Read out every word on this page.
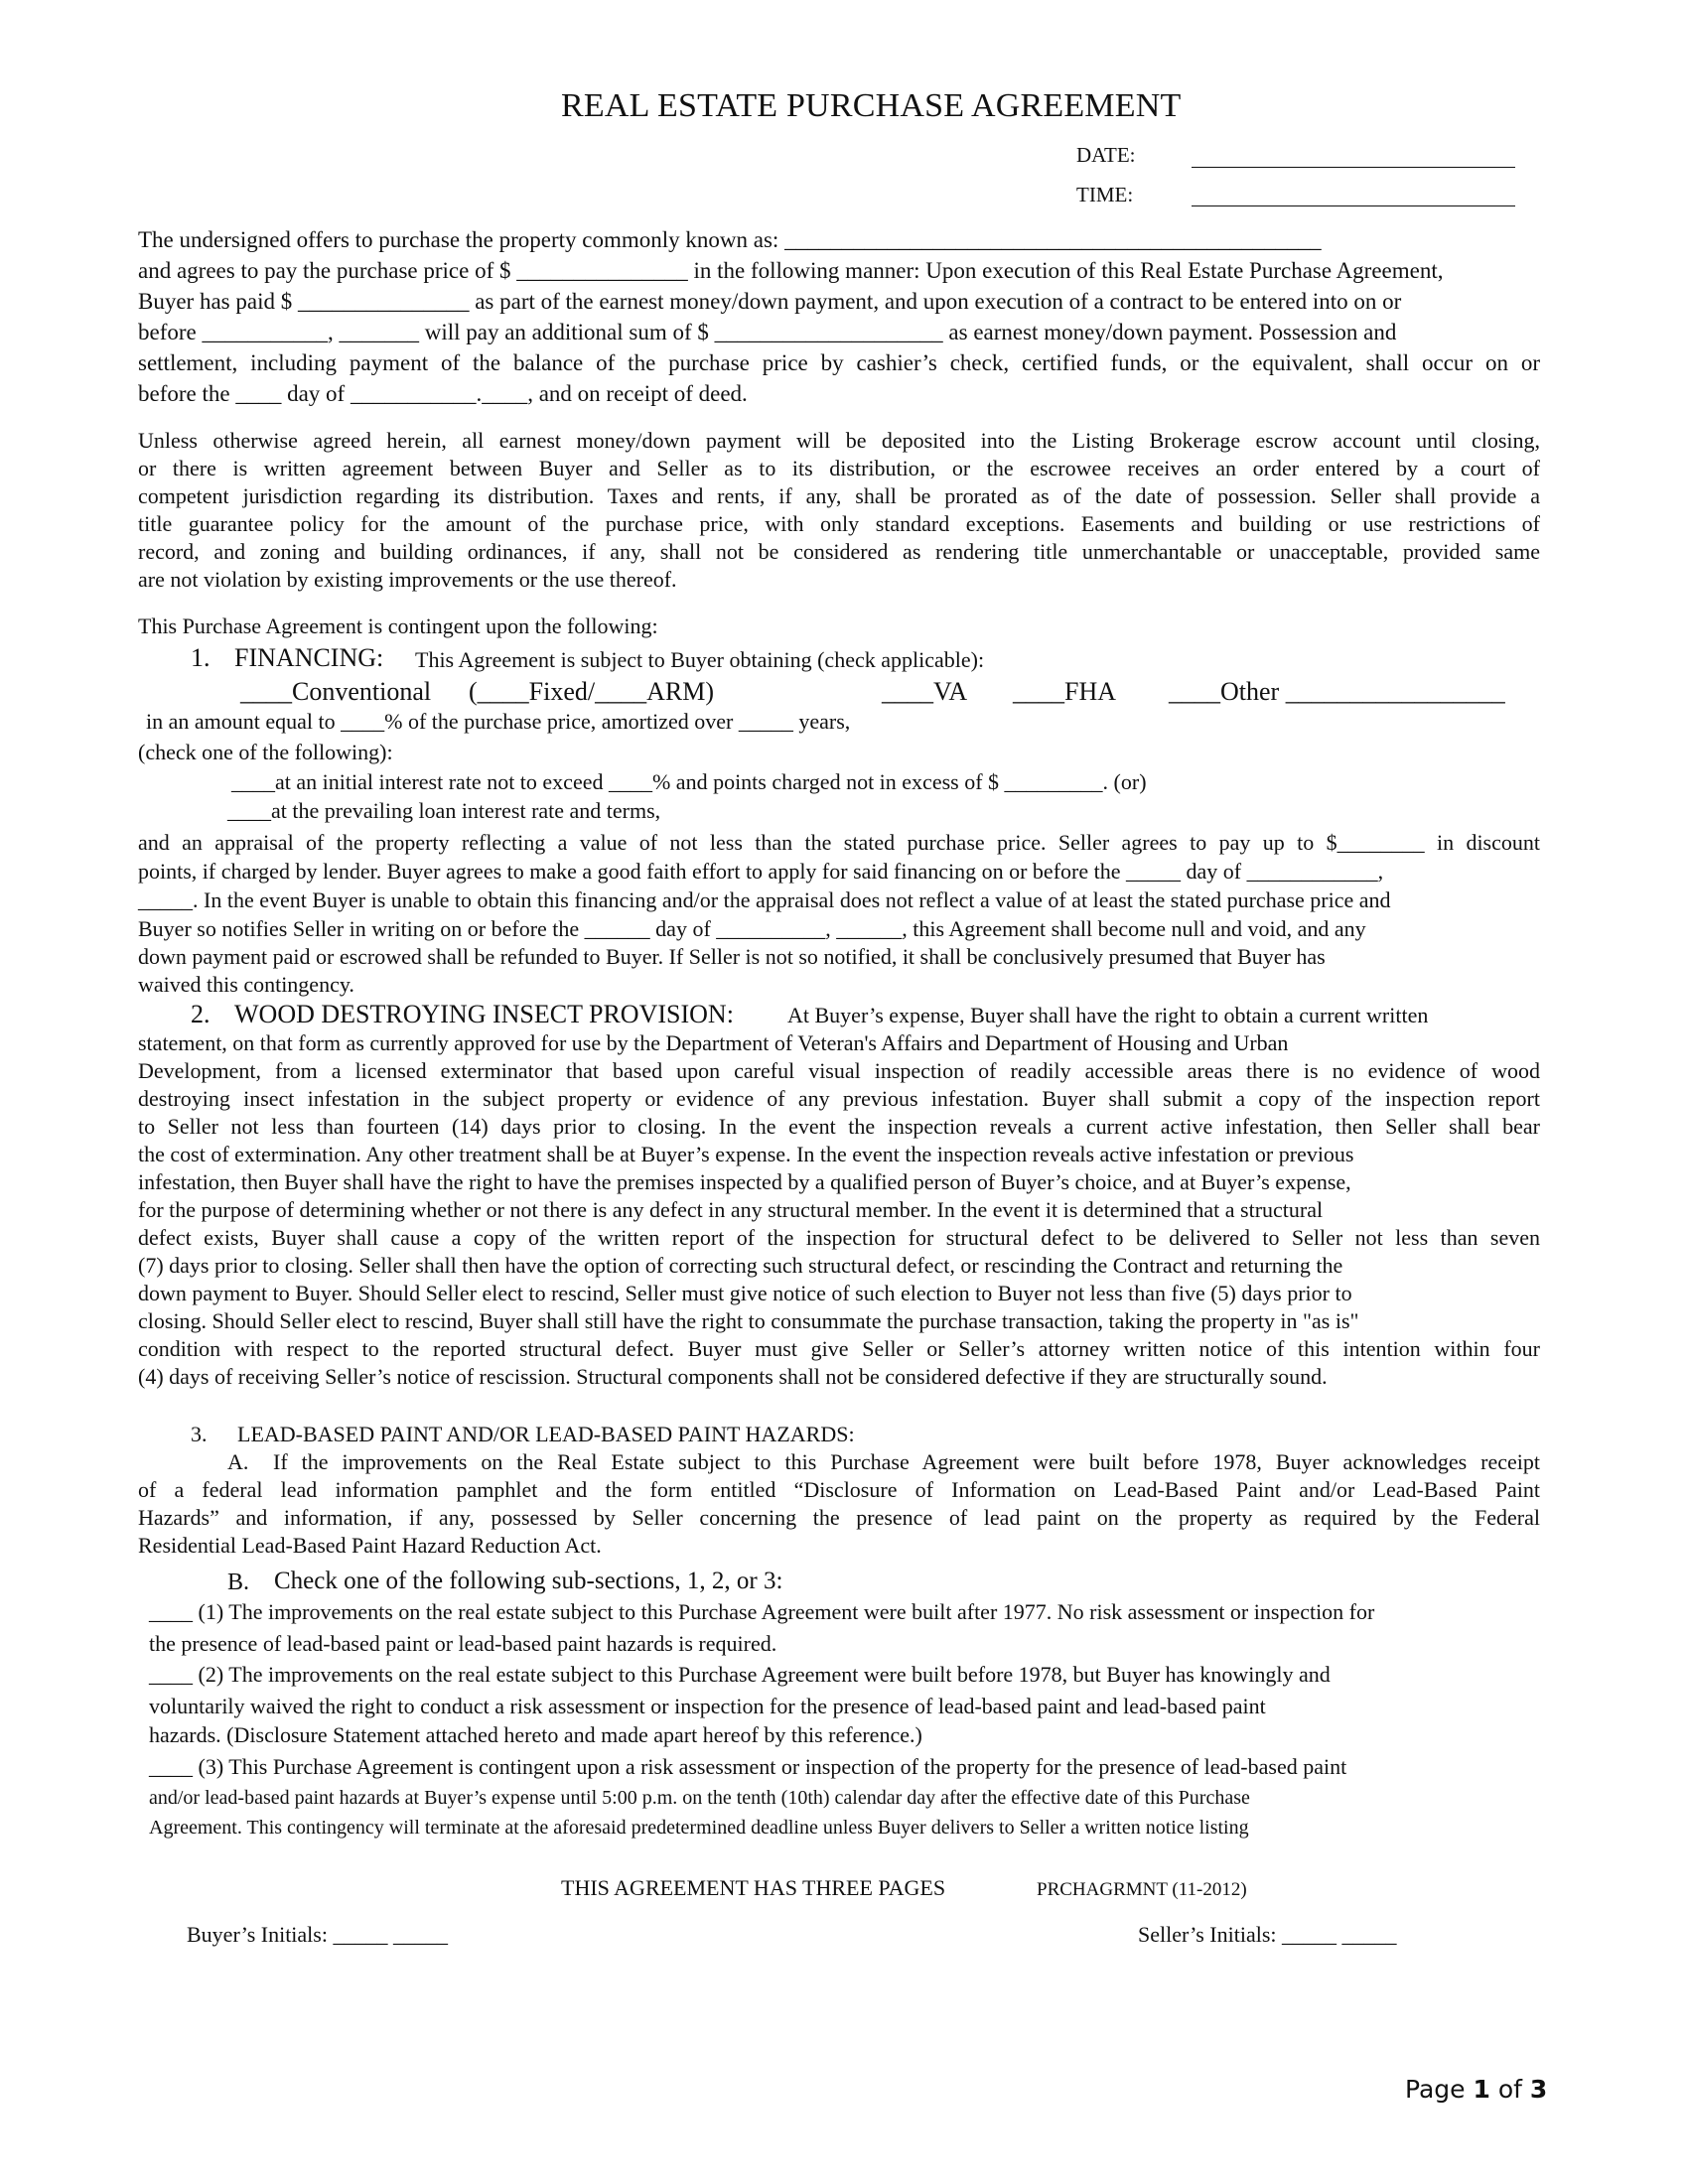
REAL ESTATE PURCHASE AGREEMENT
DATE:
TIME:
The undersigned offers to purchase the property commonly known as: _______________________________________________
and agrees to pay the purchase price of $ _______________ in the following manner: Upon execution of this Real Estate Purchase Agreement,
Buyer has paid $ _______________ as part of the earnest money/down payment, and upon execution of a contract to be entered into on or
before ___________, _______ will pay an additional sum of $ ____________________ as earnest money/down payment. Possession and
settlement, including payment of the balance of the purchase price by cashier’s check, certified funds, or the equivalent, shall occur on or
before the ____ day of ___________.____, and on receipt of deed.
Unless otherwise agreed herein, all earnest money/down payment will be deposited into the Listing Brokerage escrow account until closing,
or there is written agreement between Buyer and Seller as to its distribution, or the escrowee receives an order entered by a court of
competent jurisdiction regarding its distribution. Taxes and rents, if any, shall be prorated as of the date of possession. Seller shall provide a
title guarantee policy for the amount of the purchase price, with only standard exceptions. Easements and building or use restrictions of
record, and zoning and building ordinances, if any, shall not be considered as rendering title unmerchantable or unacceptable, provided same
are not violation by existing improvements or the use thereof.
This Purchase Agreement is contingent upon the following:
1. FINANCING: This Agreement is subject to Buyer obtaining (check applicable):
____Conventional (____Fixed/____ARM)	____VA ____FHA ____Other _________________
in an amount equal to ____% of the purchase price, amortized over _____ years,
(check one of the following):
____at an initial interest rate not to exceed ____% and points charged not in excess of $ _________. (or)
____at the prevailing loan interest rate and terms,
and an appraisal of the property reflecting a value of not less than the stated purchase price. Seller agrees to pay up to $________ in discount
points, if charged by lender. Buyer agrees to make a good faith effort to apply for said financing on or before the _____ day of ____________,
_____. In the event Buyer is unable to obtain this financing and/or the appraisal does not reflect a value of at least the stated purchase price and
Buyer so notifies Seller in writing on or before the ______ day of __________, ______, this Agreement shall become null and void, and any
down payment paid or escrowed shall be refunded to Buyer. If Seller is not so notified, it shall be conclusively presumed that Buyer has
waived this contingency.
2. WOOD DESTROYING INSECT PROVISION: At Buyer’s expense, Buyer shall have the right to obtain a current written
statement, on that form as currently approved for use by the Department of Veteran's Affairs and Department of Housing and Urban
Development, from a licensed exterminator that based upon careful visual inspection of readily accessible areas there is no evidence of wood
destroying insect infestation in the subject property or evidence of any previous infestation. Buyer shall submit a copy of the inspection report
to Seller not less than fourteen (14) days prior to closing. In the event the inspection reveals a current active infestation, then Seller shall bear
the cost of extermination. Any other treatment shall be at Buyer’s expense. In the event the inspection reveals active infestation or previous
infestation, then Buyer shall have the right to have the premises inspected by a qualified person of Buyer’s choice, and at Buyer’s expense,
for the purpose of determining whether or not there is any defect in any structural member. In the event it is determined that a structural
defect exists, Buyer shall cause a copy of the written report of the inspection for structural defect to be delivered to Seller not less than seven
(7) days prior to closing. Seller shall then have the option of correcting such structural defect, or rescinding the Contract and returning the
down payment to Buyer. Should Seller elect to rescind, Seller must give notice of such election to Buyer not less than five (5) days prior to
closing. Should Seller elect to rescind, Buyer shall still have the right to consummate the purchase transaction, taking the property in "as is"
condition with respect to the reported structural defect. Buyer must give Seller or Seller’s attorney written notice of this intention within four
(4) days of receiving Seller’s notice of rescission. Structural components shall not be considered defective if they are structurally sound.
3. LEAD-BASED PAINT AND/OR LEAD-BASED PAINT HAZARDS:
A. If the improvements on the Real Estate subject to this Purchase Agreement were built before 1978, Buyer acknowledges receipt
of a federal lead information pamphlet and the form entitled “Disclosure of Information on Lead-Based Paint and/or Lead-Based Paint
Hazards” and information, if any, possessed by Seller concerning the presence of lead paint on the property as required by the Federal
Residential Lead-Based Paint Hazard Reduction Act.
B. Check one of the following sub-sections, 1, 2, or 3:
____ (1) The improvements on the real estate subject to this Purchase Agreement were built after 1977. No risk assessment or inspection for
the presence of lead-based paint or lead-based paint hazards is required.
____ (2) The improvements on the real estate subject to this Purchase Agreement were built before 1978, but Buyer has knowingly and
voluntarily waived the right to conduct a risk assessment or inspection for the presence of lead-based paint and lead-based paint
hazards. (Disclosure Statement attached hereto and made apart hereof by this reference.)
____ (3) This Purchase Agreement is contingent upon a risk assessment or inspection of the property for the presence of lead-based paint
and/or lead-based paint hazards at Buyer’s expense until 5:00 p.m. on the tenth (10th) calendar day after the effective date of this Purchase
Agreement. This contingency will terminate at the aforesaid predetermined deadline unless Buyer delivers to Seller a written notice listing
THIS AGREEMENT HAS THREE PAGES	PRCHAGRMNT (11-2012)
Buyer’s Initials: _____ _____	Seller’s Initials: _____ _____
Page 1 of 3
